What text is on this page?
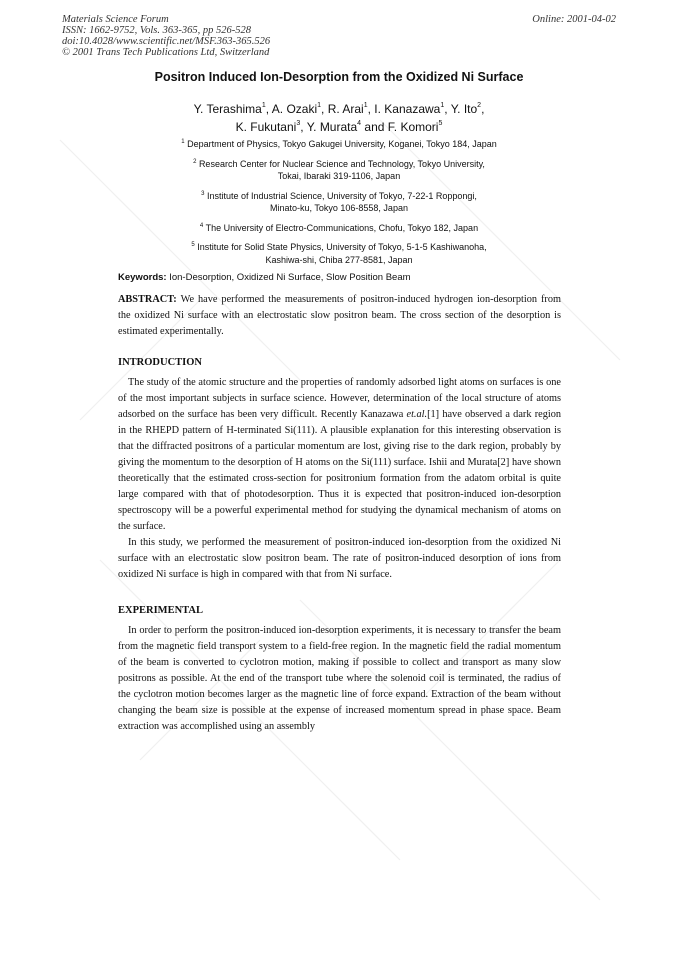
Materials Science Forum
ISSN: 1662-9752, Vols. 363-365, pp 526-528
doi:10.4028/www.scientific.net/MSF.363-365.526
© 2001 Trans Tech Publications Ltd, Switzerland
Online: 2001-04-02
Positron Induced Ion-Desorption from the Oxidized Ni Surface
Y. Terashima$^1$, A. Ozaki$^1$, R. Arai$^1$, I. Kanazawa$^1$, Y. Ito$^2$,
K. Fukutani$^3$, Y. Murata$^4$ and F. Komori$^5$
$^1$ Department of Physics, Tokyo Gakugei University, Koganei, Tokyo 184, Japan
$^2$ Research Center for Nuclear Science and Technology, Tokyo University,
Tokai, Ibaraki 319-1106, Japan
$^3$ Institute of Industrial Science, University of Tokyo, 7-22-1 Roppongi,
Minato-ku, Tokyo 106-8558, Japan
$^4$ The University of Electro-Communications, Chofu, Tokyo 182, Japan
$^5$ Institute for Solid State Physics, University of Tokyo, 5-1-5 Kashiwanoha,
Kashiwa-shi, Chiba 277-8581, Japan
Keywords: Ion-Desorption, Oxidized Ni Surface, Slow Position Beam
ABSTRACT: We have performed the measurements of positron-induced hydrogen ion-desorption from the oxidized Ni surface with an electrostatic slow positron beam. The cross section of the desorption is estimated experimentally.
INTRODUCTION

The study of the atomic structure and the properties of randomly adsorbed light atoms on surfaces is one of the most important subjects in surface science. However, determination of the local structure of atoms adsorbed on the surface has been very difficult. Recently Kanazawa et.al.[1] have observed a dark region in the RHEPD pattern of H-terminated Si(111). A plausible explanation for this interesting observation is that the diffracted positrons of a particular momentum are lost, giving rise to the dark region, probably by giving the momentum to the desorption of H atoms on the Si(111) surface. Ishii and Murata[2] have shown theoretically that the estimated cross-section for positronium formation from the adatom orbital is quite large compared with that of photodesorption. Thus it is expected that positron-induced ion-desorption spectroscopy will be a powerful experimental method for studying the dynamical mechanism of atoms on the surface.

In this study, we performed the measurement of positron-induced ion-desorption from the oxidized Ni surface with an electrostatic slow positron beam. The rate of positron-induced desorption of ions from oxidized Ni surface is high in compared with that from Ni surface.

EXPERIMENTAL

In order to perform the positron-induced ion-desorption experiments, it is necessary to transfer the beam from the magnetic field transport system to a field-free region. In the magnetic field the radial momentum of the beam is converted to cyclotron motion, making if possible to collect and transport as many slow positrons as possible. At the end of the transport tube where the solenoid coil is terminated, the radius of the cyclotron motion becomes larger as the magnetic line of force expand. Extraction of the beam without changing the beam size is possible at the expense of increased momentum spread in phase space. Beam extraction was accomplished using an assembly
